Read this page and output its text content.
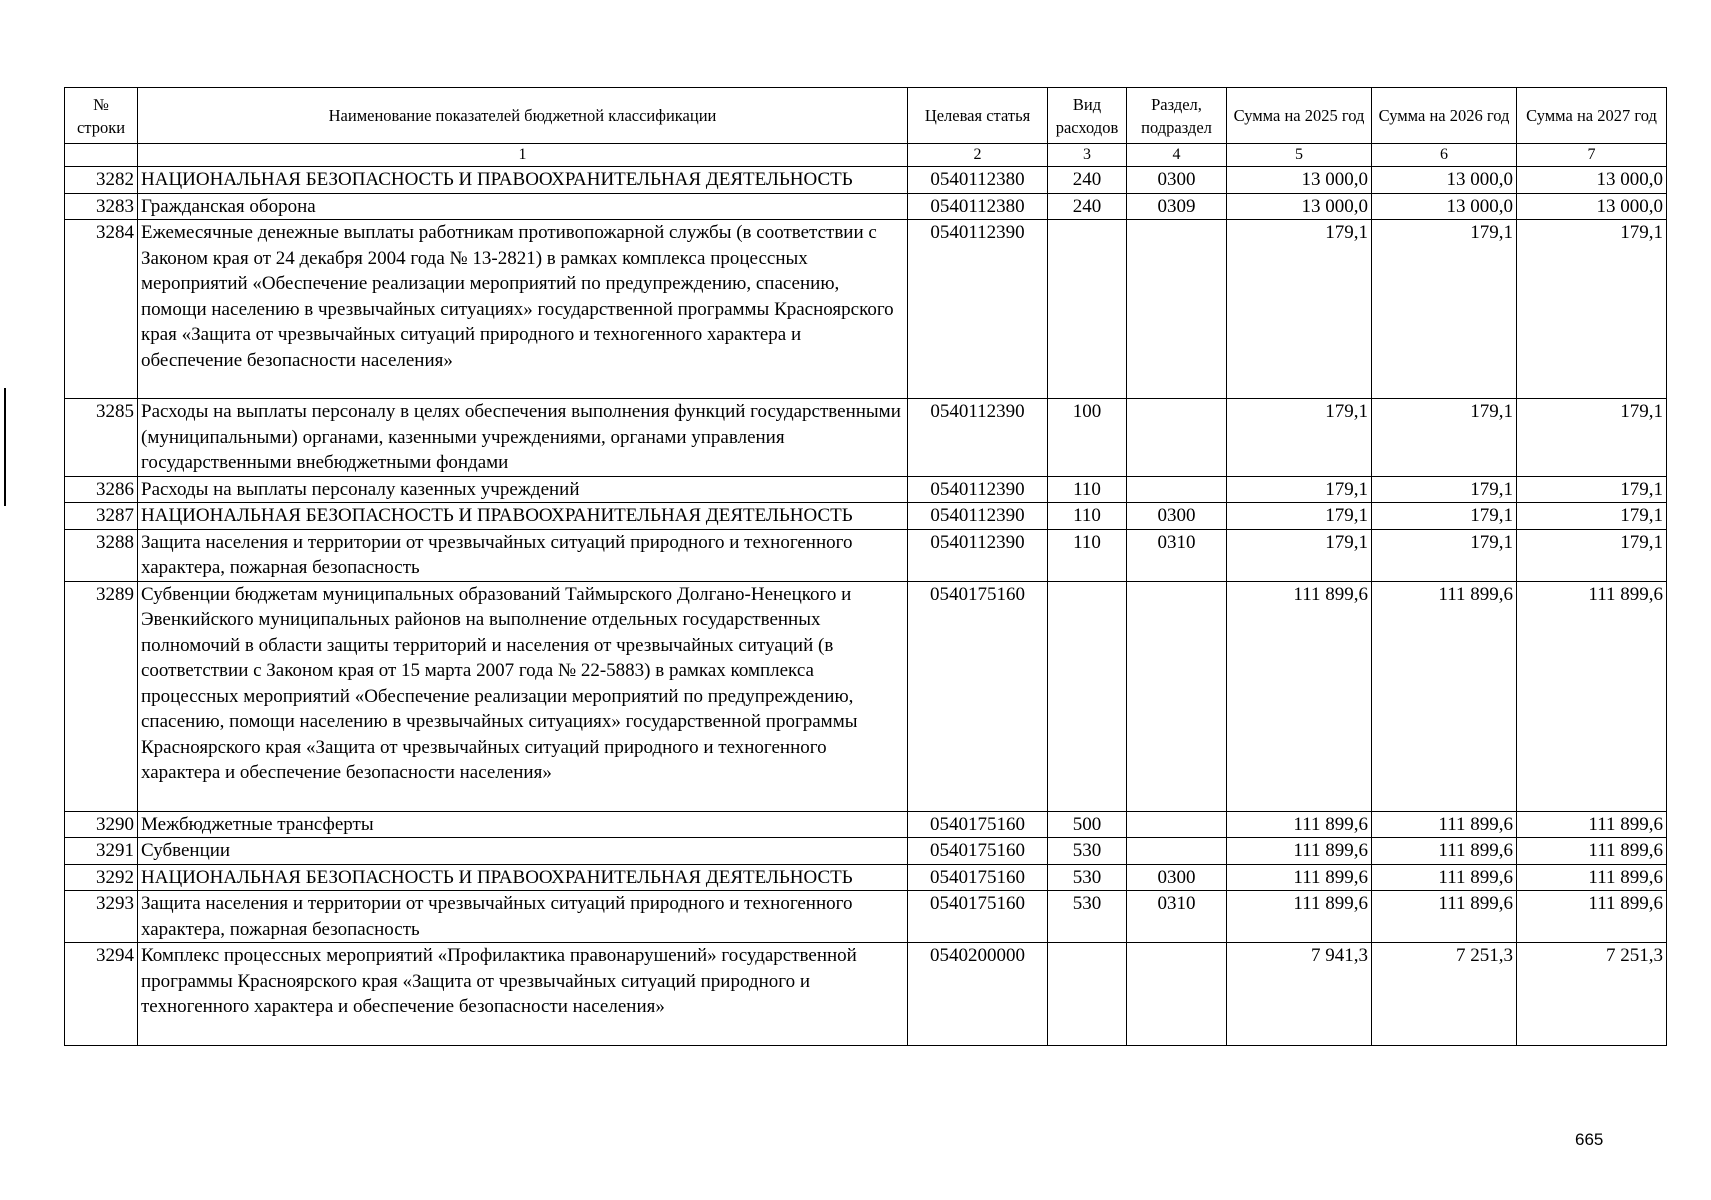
№ строки	Наименование показателей бюджетной классификации	Целевая статья	Вид расходов	Раздел, подраздел	Сумма на 2025 год	Сумма на 2026 год	Сумма на 2027 год
	1	2	3	4	5	6	7
3282	НАЦИОНАЛЬНАЯ БЕЗОПАСНОСТЬ И ПРАВООХРАНИТЕЛЬНАЯ ДЕЯТЕЛЬНОСТЬ	0540112380	240	0300	13 000,0	13 000,0	13 000,0
3283	Гражданская оборона	0540112380	240	0309	13 000,0	13 000,0	13 000,0
3284	Ежемесячные денежные выплаты работникам противопожарной службы (в соответствии с Законом края от 24 декабря 2004 года № 13-2821) в рамках комплекса процессных мероприятий «Обеспечение реализации мероприятий по предупреждению, спасению, помощи населению в чрезвычайных ситуациях» государственной программы Красноярского края «Защита от чрезвычайных ситуаций природного и техногенного характера и обеспечение безопасности населения»	0540112390			179,1	179,1	179,1
3285	Расходы на выплаты персоналу в целях обеспечения выполнения функций государственными (муниципальными) органами, казенными учреждениями, органами управления государственными внебюджетными фондами	0540112390	100		179,1	179,1	179,1
3286	Расходы на выплаты персоналу казенных учреждений	0540112390	110		179,1	179,1	179,1
3287	НАЦИОНАЛЬНАЯ БЕЗОПАСНОСТЬ И ПРАВООХРАНИТЕЛЬНАЯ ДЕЯТЕЛЬНОСТЬ	0540112390	110	0300	179,1	179,1	179,1
3288	Защита населения и территории от чрезвычайных ситуаций природного и техногенного характера, пожарная безопасность	0540112390	110	0310	179,1	179,1	179,1
3289	Субвенции бюджетам муниципальных образований Таймырского Долгано-Ненецкого и Эвенкийского муниципальных районов на выполнение отдельных государственных полномочий в области защиты территорий и населения от чрезвычайных ситуаций (в соответствии с Законом края от 15 марта 2007 года № 22-5883) в рамках комплекса процессных мероприятий «Обеспечение реализации мероприятий по предупреждению, спасению, помощи населению в чрезвычайных ситуациях» государственной программы Красноярского края «Защита от чрезвычайных ситуаций природного и техногенного характера и обеспечение безопасности населения»	0540175160			111 899,6	111 899,6	111 899,6
3290	Межбюджетные трансферты	0540175160	500		111 899,6	111 899,6	111 899,6
3291	Субвенции	0540175160	530		111 899,6	111 899,6	111 899,6
3292	НАЦИОНАЛЬНАЯ БЕЗОПАСНОСТЬ И ПРАВООХРАНИТЕЛЬНАЯ ДЕЯТЕЛЬНОСТЬ	0540175160	530	0300	111 899,6	111 899,6	111 899,6
3293	Защита населения и территории от чрезвычайных ситуаций природного и техногенного характера, пожарная безопасность	0540175160	530	0310	111 899,6	111 899,6	111 899,6
3294	Комплекс процессных мероприятий «Профилактика правонарушений» государственной программы Красноярского края «Защита от чрезвычайных ситуаций природного и техногенного характера и обеспечение безопасности населения»	0540200000			7 941,3	7 251,3	7 251,3
665
